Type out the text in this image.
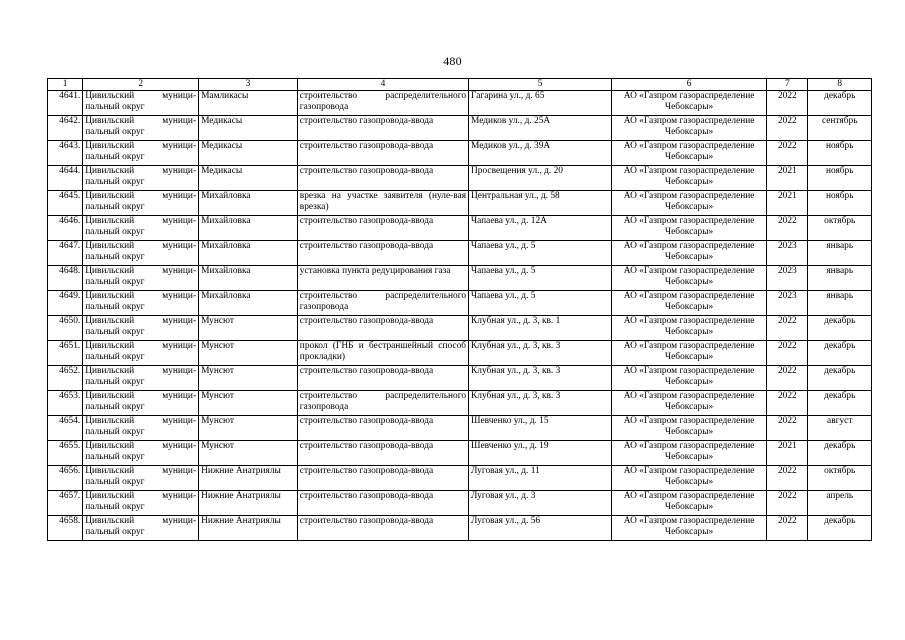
480
1	2	3	4	5	6	7	8
4641.	Цивильский муници-пальный округ	Мамликасы	строительство распределительного газопровода	Гагарина ул., д. 65	АО «Газпром газораспределение Чебоксары»	2022	декабрь
4642.	Цивильский муници-пальный округ	Медикасы	строительство газопровода-ввода	Медиков ул., д. 25А	АО «Газпром газораспределение Чебоксары»	2022	сентябрь
4643.	Цивильский муници-пальный округ	Медикасы	строительство газопровода-ввода	Медиков ул., д. 39А	АО «Газпром газораспределение Чебоксары»	2022	ноябрь
4644.	Цивильский муници-пальный округ	Медикасы	строительство газопровода-ввода	Просвещения ул., д. 20	АО «Газпром газораспределение Чебоксары»	2021	ноябрь
4645.	Цивильский муници-пальный округ	Михайловка	врезка на участке заявителя (нуле-вая врезка)	Центральная ул., д. 58	АО «Газпром газораспределение Чебоксары»	2021	ноябрь
4646.	Цивильский муници-пальный округ	Михайловка	строительство газопровода-ввода	Чапаева ул., д. 12А	АО «Газпром газораспределение Чебоксары»	2022	октябрь
4647.	Цивильский муници-пальный округ	Михайловка	строительство газопровода-ввода	Чапаева ул., д. 5	АО «Газпром газораспределение Чебоксары»	2023	январь
4648.	Цивильский муници-пальный округ	Михайловка	установка пункта редуцирования газа	Чапаева ул., д. 5	АО «Газпром газораспределение Чебоксары»	2023	январь
4649.	Цивильский муници-пальный округ	Михайловка	строительство распределительного газопровода	Чапаева ул., д. 5	АО «Газпром газораспределение Чебоксары»	2023	январь
4650.	Цивильский муници-пальный округ	Мунсют	строительство газопровода-ввода	Клубная ул., д. 3, кв. 1	АО «Газпром газораспределение Чебоксары»	2022	декабрь
4651.	Цивильский муници-пальный округ	Мунсют	прокол (ГНБ и бестраншейный способ прокладки)	Клубная ул., д. 3, кв. 3	АО «Газпром газораспределение Чебоксары»	2022	декабрь
4652.	Цивильский муници-пальный округ	Мунсют	строительство газопровода-ввода	Клубная ул., д. 3, кв. 3	АО «Газпром газораспределение Чебоксары»	2022	декабрь
4653.	Цивильский муници-пальный округ	Мунсют	строительство распределительного газопровода	Клубная ул., д. 3, кв. 3	АО «Газпром газораспределение Чебоксары»	2022	декабрь
4654.	Цивильский муници-пальный округ	Мунсют	строительство газопровода-ввода	Шевченко ул., д. 15	АО «Газпром газораспределение Чебоксары»	2022	август
4655.	Цивильский муници-пальный округ	Мунсют	строительство газопровода-ввода	Шевченко ул., д. 19	АО «Газпром газораспределение Чебоксары»	2021	декабрь
4656.	Цивильский муници-пальный округ	Нижние Анатриялы	строительство газопровода-ввода	Луговая ул., д. 11	АО «Газпром газораспределение Чебоксары»	2022	октябрь
4657.	Цивильский муници-пальный округ	Нижние Анатриялы	строительство газопровода-ввода	Луговая ул., д. 3	АО «Газпром газораспределение Чебоксары»	2022	апрель
4658.	Цивильский муници-пальный округ	Нижние Анатриялы	строительство газопровода-ввода	Луговая ул., д. 56	АО «Газпром газораспределение Чебоксары»	2022	декабрь
